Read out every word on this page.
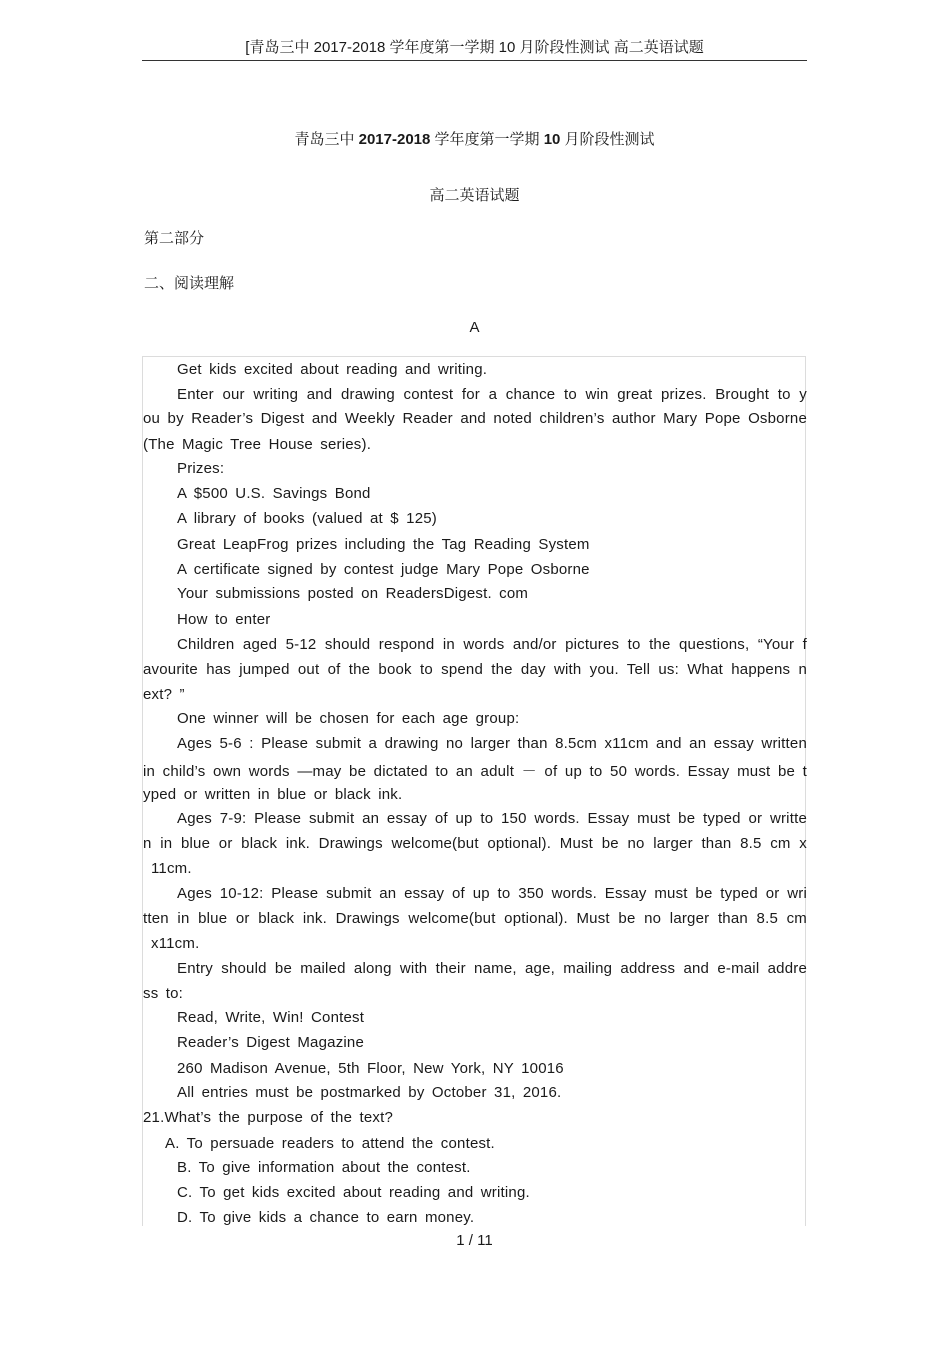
[青岛三中 2017-2018 学年度第一学期 10 月阶段性测试 高二英语试题
青岛三中 2017-2018 学年度第一学期 10 月阶段性测试
高二英语试题
第二部分
二、阅读理解
A
Get kids excited about reading and writing.
Enter our writing and drawing contest for a chance to win great prizes. Brought to y
ou by Reader’s Digest and Weekly Reader and noted children’s author Mary Pope Osborne
(The Magic Tree House series).
Prizes:
A $500 U.S. Savings Bond
A library of books (valued at $ 125)
Great LeapFrog prizes including the Tag Reading System
A certificate signed by contest judge Mary Pope Osborne
Your submissions posted on ReadersDigest. com
How to enter
Children aged 5-12 should respond in words and/or pictures to the questions, “Your f
avourite has jumped out of the book to spend the day with you. Tell us: What happens n
ext? ”
One winner will be chosen for each age group:
Ages 5-6 : Please submit a drawing no larger than 8.5cm x11cm and an essay written
in child’s own words —may be dictated to an adult － of up to 50 words. Essay must be t
yped or written in blue or black ink.
Ages 7-9: Please submit an essay of up to 150 words. Essay must be typed or writte
n in blue or black ink. Drawings welcome(but optional). Must be no larger than 8.5 cm x
11cm.
Ages 10-12: Please submit an essay of up to 350 words. Essay must be typed or wri
tten in blue or black ink. Drawings welcome(but optional). Must be no larger than 8.5 cm
x11cm.
Entry should be mailed along with their name, age, mailing address and e-mail addre
ss to:
Read, Write, Win! Contest
Reader’s Digest Magazine
260 Madison Avenue, 5th Floor, New York, NY 10016
All entries must be postmarked by October 31, 2016.
21.What’s the purpose of the text?
A. To persuade readers to attend the contest.
B. To give information about the contest.
C. To get kids excited about reading and writing.
D. To give kids a chance to earn money.
1 / 11
